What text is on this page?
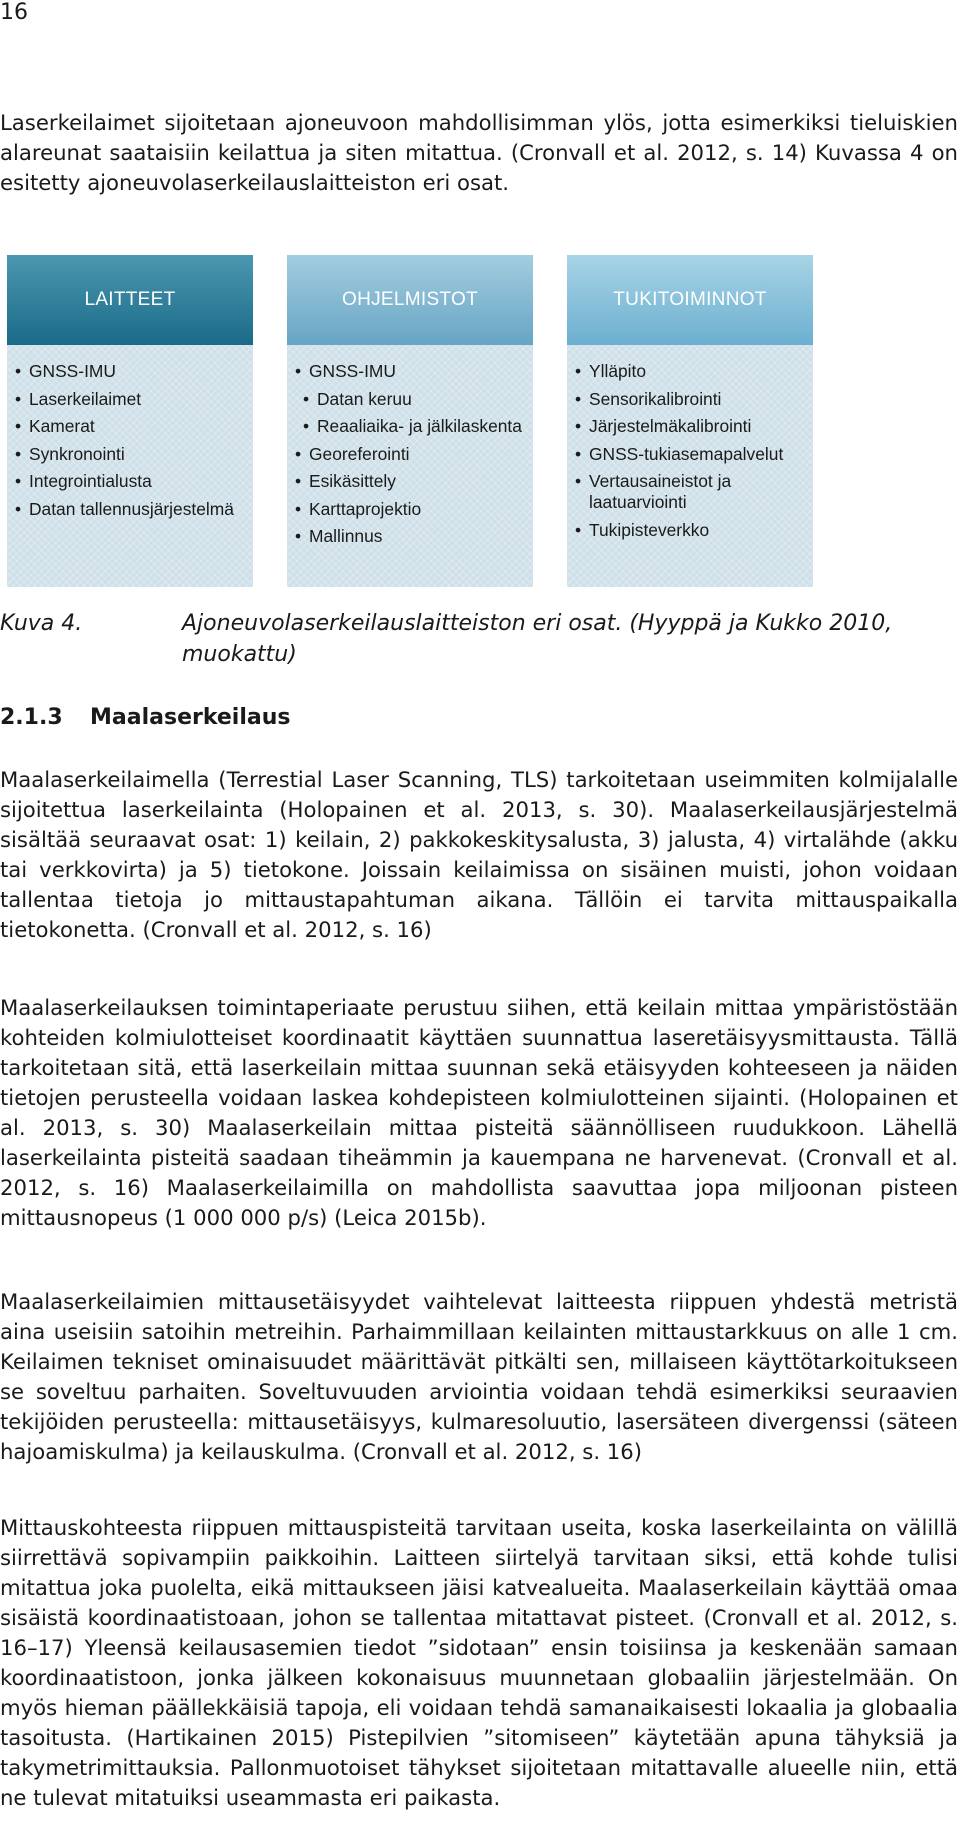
16

Laserkeilaimet sijoitetaan ajoneuvoon mahdollisimman ylös, jotta esimerkiksi tieluiskien alareunat saataisiin keilattua ja siten mitattua. (Cronvall et al. 2012, s. 14) Kuvassa 4 on esitetty ajoneuvolaserkeilauslaitteiston eri osat.

LAITTEET
• GNSS-IMU
• Laserkeilaimet
• Kamerat
• Synkronointi
• Integrointialusta
• Datan tallennusjärjestelmä
OHJELMISTOT
• GNSS-IMU
• Datan keruu
• Reaaliaika- ja jälkilaskenta
• Georeferointi
• Esikäsittely
• Karttaprojektio
• Mallinnus
TUKITOIMINNOT
• Ylläpito
• Sensorikalibrointi
• Järjestelmäkalibrointi
• GNSS-tukiasemapalvelut
• Vertausaineistot ja laatuarviointi
• Tukipisteverkko
Kuva 4.	Ajoneuvolaserkeilauslaitteiston eri osat. (Hyyppä ja Kukko 2010, muokattu)
2.1.3 Maalaserkeilaus

Maalaserkeilaimella (Terrestial Laser Scanning, TLS) tarkoitetaan useimmiten kolmijalalle sijoitettua laserkeilainta (Holopainen et al. 2013, s. 30). Maalaserkeilausjärjestelmä sisältää seuraavat osat: 1) keilain, 2) pakkokeskitysalusta, 3) jalusta, 4) virtalähde (akku tai verkkovirta) ja 5) tietokone. Joissain keilaimissa on sisäinen muisti, johon voidaan tallentaa tietoja jo mittaustapahtuman aikana. Tällöin ei tarvita mittauspaikalla tietokonetta. (Cronvall et al. 2012, s. 16)

Maalaserkeilauksen toimintaperiaate perustuu siihen, että keilain mittaa ympäristöstään kohteiden kolmiulotteiset koordinaatit käyttäen suunnattua laseretäisyysmittausta. Tällä tarkoitetaan sitä, että laserkeilain mittaa suunnan sekä etäisyyden kohteeseen ja näiden tietojen perusteella voidaan laskea kohdepisteen kolmiulotteinen sijainti. (Holopainen et al. 2013, s. 30) Maalaserkeilain mittaa pisteitä säännölliseen ruudukkoon. Lähellä laserkeilainta pisteitä saadaan tiheämmin ja kauempana ne harvenevat. (Cronvall et al. 2012, s. 16) Maalaserkeilaimilla on mahdollista saavuttaa jopa miljoonan pisteen mittausnopeus (1 000 000 p/s) (Leica 2015b).

Maalaserkeilaimien mittausetäisyydet vaihtelevat laitteesta riippuen yhdestä metristä aina useisiin satoihin metreihin. Parhaimmillaan keilainten mittaustarkkuus on alle 1 cm. Keilaimen tekniset ominaisuudet määrittävät pitkälti sen, millaiseen käyttötarkoitukseen se soveltuu parhaiten. Soveltuvuuden arviointia voidaan tehdä esimerkiksi seuraavien tekijöiden perusteella: mittausetäisyys, kulmaresoluutio, lasersäteen divergenssi (säteen hajoamiskulma) ja keilauskulma. (Cronvall et al. 2012, s. 16)

Mittauskohteesta riippuen mittauspisteitä tarvitaan useita, koska laserkeilainta on välillä siirrettävä sopivampiin paikkoihin. Laitteen siirtelyä tarvitaan siksi, että kohde tulisi mitattua joka puolelta, eikä mittaukseen jäisi katvealueita. Maalaserkeilain käyttää omaa sisäistä koordinaatistoaan, johon se tallentaa mitattavat pisteet. (Cronvall et al. 2012, s. 16–17) Yleensä keilausasemien tiedot ”sidotaan” ensin toisiinsa ja keskenään samaan koordinaatistoon, jonka jälkeen kokonaisuus muunnetaan globaaliin järjestelmään. On myös hieman päällekkäisiä tapoja, eli voidaan tehdä samanaikaisesti lokaalia ja globaalia tasoitusta. (Hartikainen 2015) Pistepilvien ”sitomiseen” käytetään apuna tähyksiä ja takymetrimittauksia. Pallonmuotoiset tähykset sijoitetaan mitattavalle alueelle niin, että ne tulevat mitatuiksi useammasta eri paikasta.
